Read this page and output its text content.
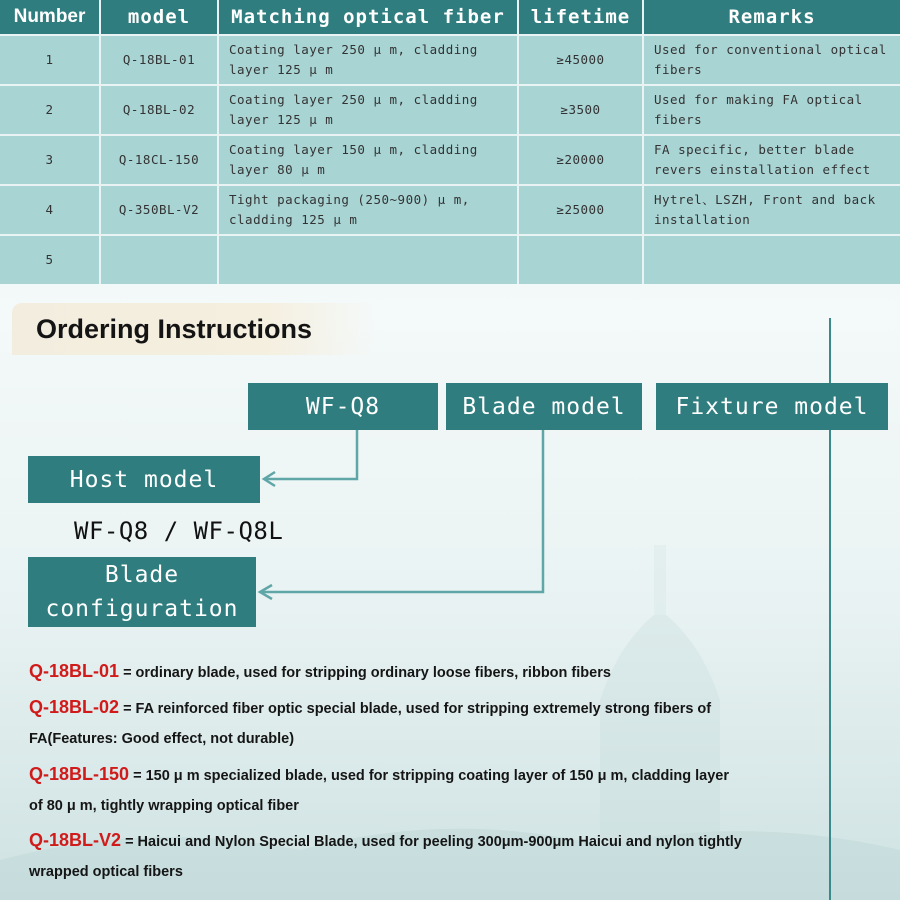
Number	model	Matching optical fiber	lifetime	Remarks
1	Q-18BL-01	Coating layer 250 μ m, cladding layer 125 μ m	≥45000	Used for conventional optical fibers
2	Q-18BL-02	Coating layer 250 μ m, cladding layer 125 μ m	≥3500	Used for making FA optical fibers
3	Q-18CL-150	Coating layer 150 μ m, cladding layer 80 μ m	≥20000	FA specific, better blade revers einstallation effect
4	Q-350BL-V2	Tight packaging (250~900) μ m, cladding 125 μ m	≥25000	Hytrel、LSZH, Front and back installation
5				
Ordering Instructions
WF-Q8	Blade model	Fixture model
Host model
WF-Q8 / WF-Q8L
Blade configuration
Q-18BL-01 = ordinary blade, used for stripping ordinary loose fibers, ribbon fibers
Q-18BL-02 = FA reinforced fiber optic special blade, used for stripping extremely strong fibers of FA(Features: Good effect, not durable)
Q-18BL-150 = 150 μ m specialized blade, used for stripping coating layer of 150 μ m, cladding layer of 80 μ m, tightly wrapping optical fiber
Q-18BL-V2 = Haicui and Nylon Special Blade, used for peeling 300μm-900μm Haicui and nylon tightly wrapped optical fibers
